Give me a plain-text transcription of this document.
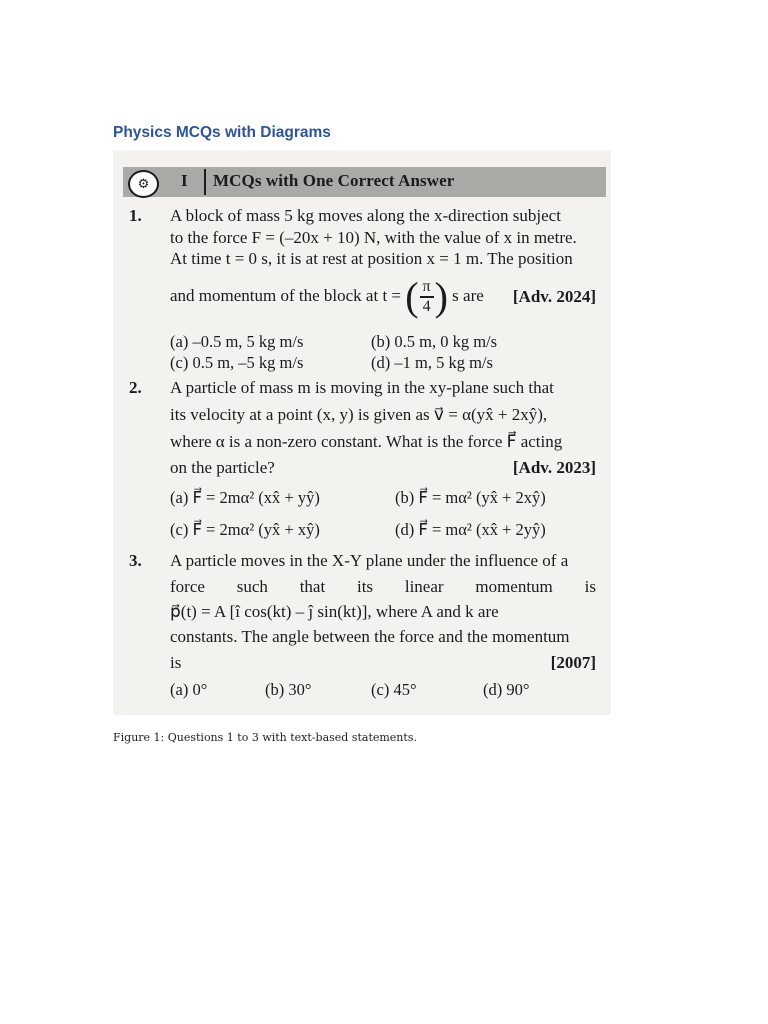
Physics MCQs with Diagrams
⚙	I MCQs with One Correct Answer
1. A block of mass 5 kg moves along the x-direction subject
to the force F = (–20x + 10) N, with the value of x in metre.
At time t = 0 s, it is at rest at position x = 1 m. The position
and momentum of the block at t = ( $\frac{\pi}{4}$ ) s are [Adv. 2024]
(a) –0.5 m, 5 kg m/s	(b) 0.5 m, 0 kg m/s
(c) 0.5 m, –5 kg m/s	(d) –1 m, 5 kg m/s
2. A particle of mass m is moving in the xy-plane such that
its velocity at a point (x, y) is given as v⃗ = α(yx̂ + 2xŷ),
where α is a non-zero constant. What is the force F⃗ acting
on the particle?	[Adv. 2023]
(a) F⃗ = 2mα² (xx̂ + yŷ)	(b) F⃗ = mα² (yx̂ + 2xŷ)
(c) F⃗ = 2mα² (yx̂ + xŷ)	(d) F⃗ = mα² (xx̂ + 2yŷ)
3. A particle moves in the X-Y plane under the influence of a
force such that its linear momentum is
p⃗(t) = A [î cos(kt) – ĵ sin(kt)], where A and k are
constants. The angle between the force and the momentum
is	[2007]
(a) 0°	(b) 30°	(c) 45°	(d) 90°

Figure 1: Questions 1 to 3 with text-based statements.
